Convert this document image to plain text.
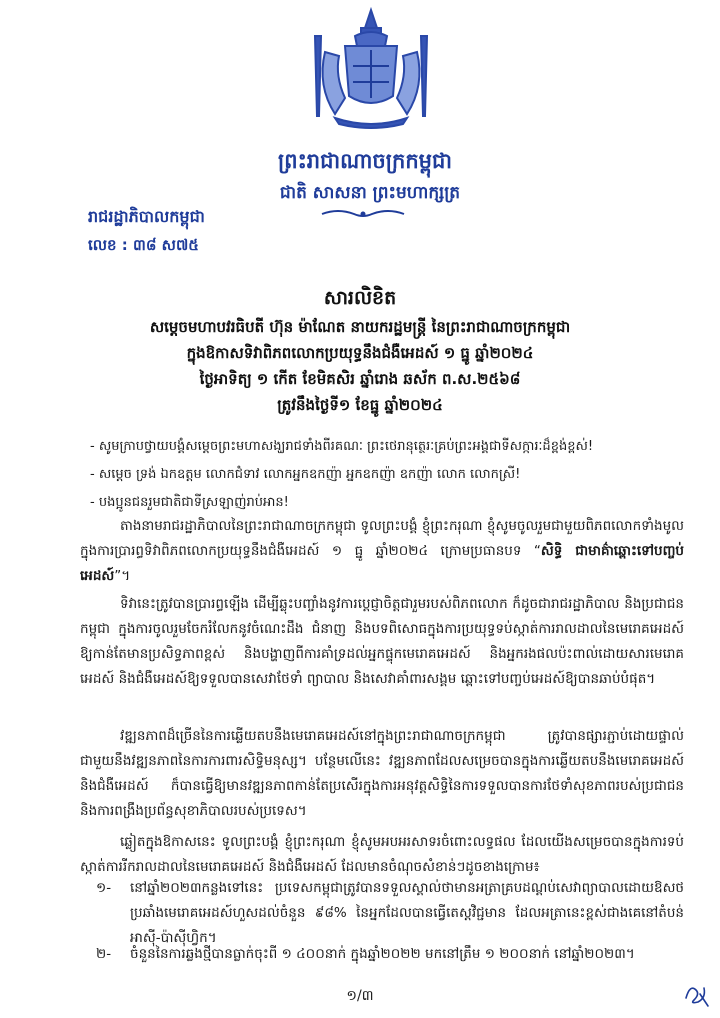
ព្រះរាជាណាចក្រកម្ពុជា
ជាតិ សាសនា ព្រះមហាក្សត្រ
រាជរដ្ឋាភិបាលកម្ពុជា
លេខ : ៣៨ ស៧៥
សារលិខិត
សម្តេចមហាបវរធិបតី ហ៊ុន ម៉ាណែត នាយករដ្ឋមន្ត្រី នៃព្រះរាជាណាចក្រកម្ពុជា
ក្នុងឱកាសទិវាពិភពលោកប្រយុទ្ធនឹងជំងឺអេដស៍ ១ ធ្នូ ឆ្នាំ២០២៤
ថ្ងៃអាទិត្យ ១ កើត ខែមិគសិរ ឆ្នាំរោង ឆស័ក ព.ស.២៥៦៨
ត្រូវនឹងថ្ងៃទី១ ខែធ្នូ ឆ្នាំ២០២៤
- សូមក្រាបថ្វាយបង្គំសម្តេចព្រះមហាសង្ឃរាជទាំងពីរគណៈ ព្រះថេរានុត្ថេរៈគ្រប់ព្រះអង្គជាទីសក្ការៈដ៏ខ្ពង់ខ្ពស់!
- សម្តេច ទ្រង់ ឯកឧត្តម លោកជំទាវ លោកអ្នកឧកញ៉ា អ្នកឧកញ៉ា ឧកញ៉ា លោក លោកស្រី!
- បងប្អូនជនរួមជាតិជាទីស្រឡាញ់រាប់អាន!
តាងនាមរាជរដ្ឋាភិបាលនៃព្រះរាជាណាចក្រកម្ពុជា ទូលព្រះបង្គំ ខ្ញុំព្រះករុណា ខ្ញុំសូមចូលរួមជាមួយពិភពលោកទាំងមូល ក្នុងការប្រារព្ធទិវាពិភពលោកប្រយុទ្ធនឹងជំងឺអេដស៍ ១ ធ្នូ ឆ្នាំ២០២៤ ក្រោមប្រធានបទ “សិទ្ធិ ជាមាគ៌ាឆ្ពោះទៅបញ្ចប់អេដស៍”។
ទិវានេះត្រូវបានប្រារព្ធឡើង ដើម្បីឆ្លុះបញ្ចាំងនូវការប្តេជ្ញាចិត្តជារួមរបស់ពិភពលោក ក៏ដូចជារាជរដ្ឋាភិបាល និងប្រជាជនកម្ពុជា ក្នុងការចូលរួមចែករំលែកនូវចំណេះដឹង ជំនាញ និងបទពិសោធក្នុងការប្រយុទ្ធទប់ស្កាត់ការរាលដាលនៃមេរោគអេដស៍ ឱ្យកាន់តែមានប្រសិទ្ធភាពខ្ពស់ និងបង្ហាញពីការគាំទ្រដល់អ្នកផ្ទុកមេរោគអេដស៍ និងអ្នករងផលប៉ះពាល់ដោយសារមេរោគអេដស៍ និងជំងឺអេដស៍ឱ្យទទួលបានសេវាថែទាំ ព្យាបាល និងសេវាគាំពារសង្គម ឆ្ពោះទៅបញ្ចប់អេដស៍ឱ្យបានឆាប់បំផុត។
វឌ្ឍនភាពដ៏ច្រើននៃការឆ្លើយតបនឹងមេរោគអេដស៍នៅក្នុងព្រះរាជាណាចក្រកម្ពុជា ត្រូវបានផ្សារភ្ជាប់ដោយផ្ទាល់ជាមួយនឹងវឌ្ឍនភាពនៃការការពារសិទ្ធិមនុស្ស។ បន្ថែមលើនេះ វឌ្ឍនភាពដែលសម្រេចបានក្នុងការឆ្លើយតបនឹងមេរោគអេដស៍ និងជំងឺអេដស៍ ក៏បានធ្វើឱ្យមានវឌ្ឍនភាពកាន់តែប្រសើរក្នុងការអនុវត្តសិទ្ធិនៃការទទួលបានការថែទាំសុខភាពរបស់ប្រជាជន និងការពង្រឹងប្រព័ន្ធសុខាភិបាលរបស់ប្រទេស។
ឆ្លៀតក្នុងឱកាសនេះ ទូលព្រះបង្គំ ខ្ញុំព្រះករុណា ខ្ញុំសូមអបអរសាទរចំពោះលទ្ធផល ដែលយើងសម្រេចបានក្នុងការទប់ស្កាត់ការរីករាលដាលនៃមេរោគអេដស៍ និងជំងឺអេដស៍ ដែលមានចំណុចសំខាន់ៗដូចខាងក្រោម៖
១-	នៅឆ្នាំ២០២៣កន្លងទៅនេះ ប្រទេសកម្ពុជាត្រូវបានទទួលស្គាល់ថាមានអត្រាគ្របដណ្តប់សេវាព្យាបាលដោយឱសថប្រឆាំងមេរោគអេដស៍ហួសដល់ចំនួន ៩៨% នៃអ្នកដែលបានធ្វើតេស្តវិជ្ជមាន ដែលអត្រានេះខ្ពស់ជាងគេនៅតំបន់អាស៊ី-ប៉ាស៊ីហ្វិក។
២-	ចំនួននៃការឆ្លងថ្មីបានធ្លាក់ចុះពី ១ ៤០០នាក់ ក្នុងឆ្នាំ២០២២ មកនៅត្រឹម ១ ២០០នាក់ នៅឆ្នាំ២០២៣។
១/៣
